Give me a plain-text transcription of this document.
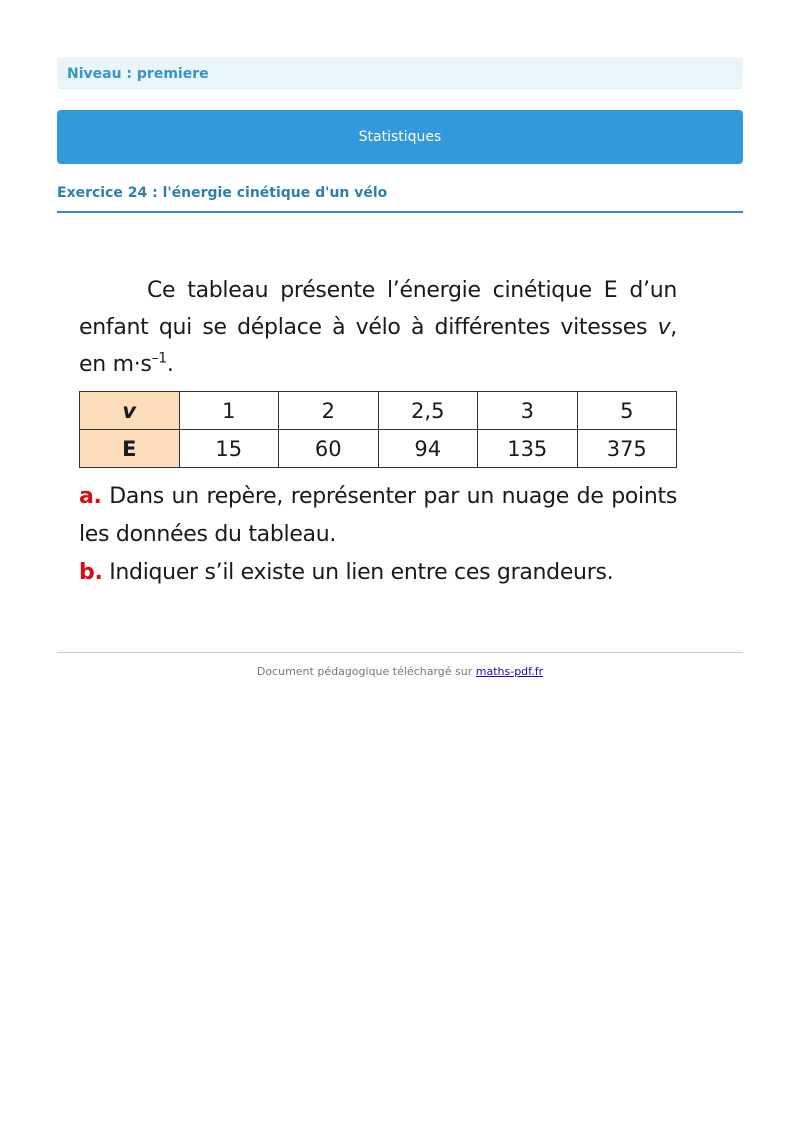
Niveau : premiere
Statistiques
Exercice 24 : l'énergie cinétique d'un vélo

Ce tableau présente l’énergie cinétique E d’un enfant qui se déplace à vélo à différentes vitesses v, en $m\cdot s^{-1}$.

v	1	2	2,5	3	5
E	15	60	94	135	375

a. Dans un repère, représenter par un nuage de points les données du tableau.

b. Indiquer s’il existe un lien entre ces grandeurs.

Document pédagogique téléchargé sur maths-pdf.fr
